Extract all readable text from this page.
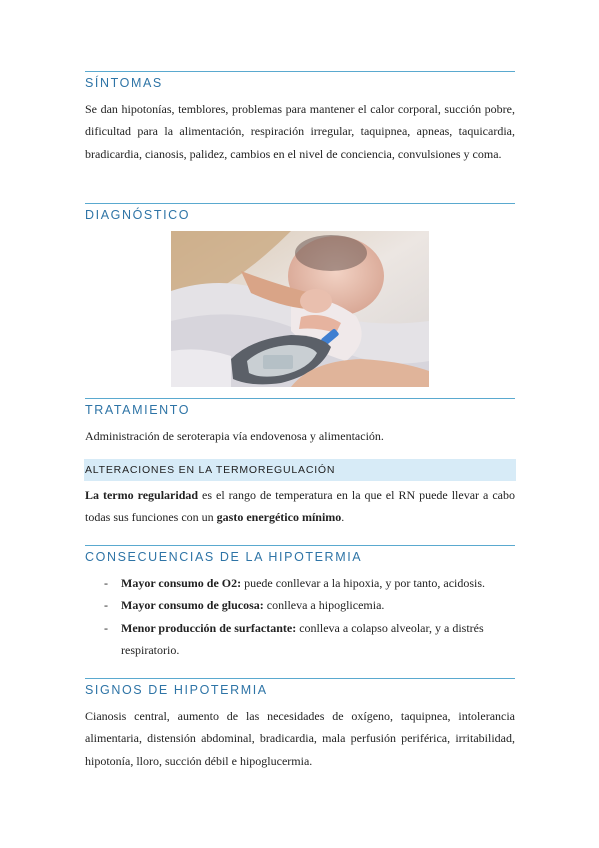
SÍNTOMAS
Se dan hipotonías, temblores, problemas para mantener el calor corporal, succión pobre, dificultad para la alimentación, respiración irregular, taquipnea, apneas, taquicardia, bradicardia, cianosis, palidez, cambios en el nivel de conciencia, convulsiones y coma.
DIAGNÓSTICO
TRATAMIENTO
Administración de seroterapia vía endovenosa y alimentación.
ALTERACIONES EN LA TERMOREGULACIÓN
La termo regularidad es el rango de temperatura en la que el RN puede llevar a cabo todas sus funciones con un gasto energético mínimo.
CONSECUENCIAS DE LA HIPOTERMIA
- Mayor consumo de O2: puede conllevar a la hipoxia, y por tanto, acidosis.
- Mayor consumo de glucosa: conlleva a hipoglicemia.
- Menor producción de surfactante: conlleva a colapso alveolar, y a distrés respiratorio.
SIGNOS DE HIPOTERMIA
Cianosis central, aumento de las necesidades de oxígeno, taquipnea, intolerancia alimentaria, distensión abdominal, bradicardia, mala perfusión periférica, irritabilidad, hipotonía, lloro, succión débil e hipoglucermia.
